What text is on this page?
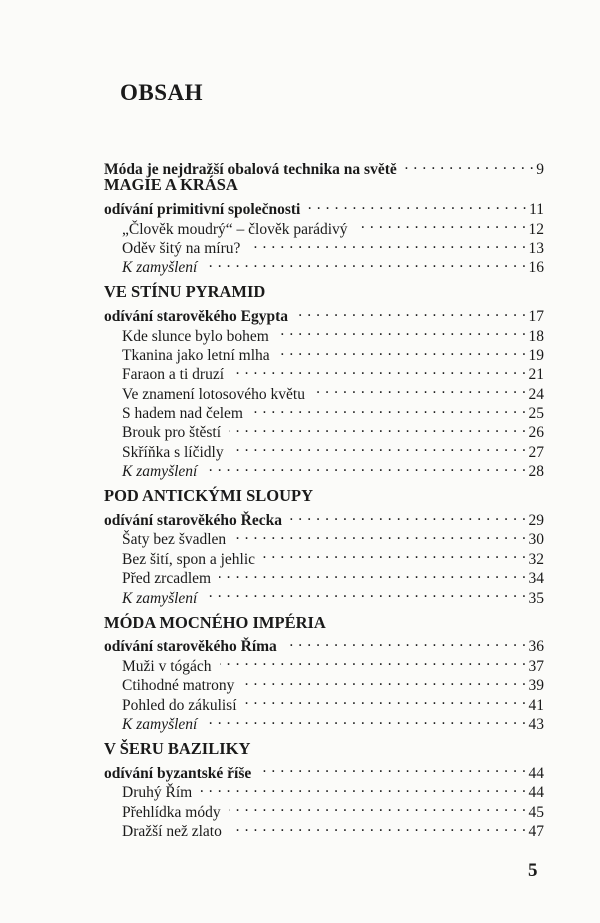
OBSAH
Móda je nejdražší obalová technika na světě . . .	9
MAGIE A KRÁSA
odívání primitivní společnosti . . .	11
„Člověk moudrý“ – člověk parádivý . . .	12
Oděv šitý na míru? . . .	13
K zamyšlení . . .	16
VE STÍNU PYRAMID
odívání starověkého Egypta . . .	17
Kde slunce bylo bohem . . .	18
Tkanina jako letní mlha . . .	19
Faraon a ti druzí . . .	21
Ve znamení lotosového květu . . .	24
S hadem nad čelem . . .	25
Brouk pro štěstí . . .	26
Skříňka s líčidly . . .	27
K zamyšlení . . .	28
POD ANTICKÝMI SLOUPY
odívání starověkého Řecka . . .	29
Šaty bez švadlen . . .	30
Bez šití, spon a jehlic . . .	32
Před zrcadlem . . .	34
K zamyšlení . . .	35
MÓDA MOCNÉHO IMPÉRIA
odívání starověkého Říma . . .	36
Muži v tógách . . .	37
Ctihodné matrony . . .	39
Pohled do zákulisí . . .	41
K zamyšlení . . .	43
V ŠERU BAZILIKY
odívání byzantské říše . . .	44
Druhý Řím . . .	44
Přehlídka módy . . .	45
Dražší než zlato . . .	47
5
